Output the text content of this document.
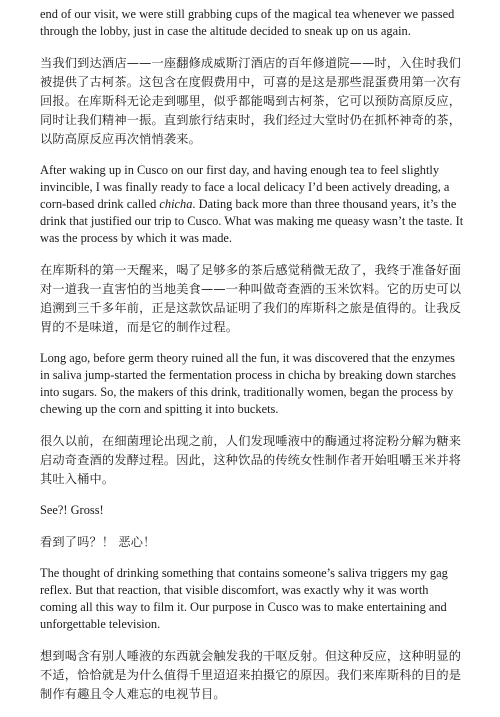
end of our visit, we were still grabbing cups of the magical tea whenever we passed through the lobby, just in case the altitude decided to sneak up on us again.

当我们到达酒店——一座翻修成威斯汀酒店的百年修道院——时，入住时我们被提供了古柯茶。这包含在度假费用中，可喜的是这是那些混蛋费用第一次有回报。在库斯科无论走到哪里，似乎都能喝到古柯茶，它可以预防高原反应，同时让我们精神一振。直到旅行结束时，我们经过大堂时仍在抓杯神奇的茶，以防高原反应再次悄悄袭来。

After waking up in Cusco on our first day, and having enough tea to feel slightly invincible, I was finally ready to face a local delicacy I’d been actively dreading, a corn-based drink called chicha. Dating back more than three thousand years, it’s the drink that justified our trip to Cusco. What was making me queasy wasn’t the taste. It was the process by which it was made.

在库斯科的第一天醒来，喝了足够多的茶后感觉稍微无敌了，我终于准备好面对一道我一直害怕的当地美食——一种叫做奇查酒的玉米饮料。它的历史可以追溯到三千多年前，正是这款饮品证明了我们的库斯科之旅是值得的。让我反胃的不是味道，而是它的制作过程。

Long ago, before germ theory ruined all the fun, it was discovered that the enzymes in saliva jump-started the fermentation process in chicha by breaking down starches into sugars. So, the makers of this drink, traditionally women, began the process by chewing up the corn and spitting it into buckets.

很久以前，在细菌理论出现之前，人们发现唾液中的酶通过将淀粉分解为糖来启动奇查酒的发酵过程。因此，这种饮品的传统女性制作者开始咀嚼玉米并将其吐入桶中。

See?! Gross!

看到了吗？！ 恶心！

The thought of drinking something that contains someone’s saliva triggers my gag reflex. But that reaction, that visible discomfort, was exactly why it was worth coming all this way to film it. Our purpose in Cusco was to make entertaining and unforgettable television.

想到喝含有别人唾液的东西就会触发我的干呕反射。但这种反应，这种明显的不适，恰恰就是为什么值得千里迢迢来拍摄它的原因。我们来库斯科的目的是制作有趣且令人难忘的电视节目。
